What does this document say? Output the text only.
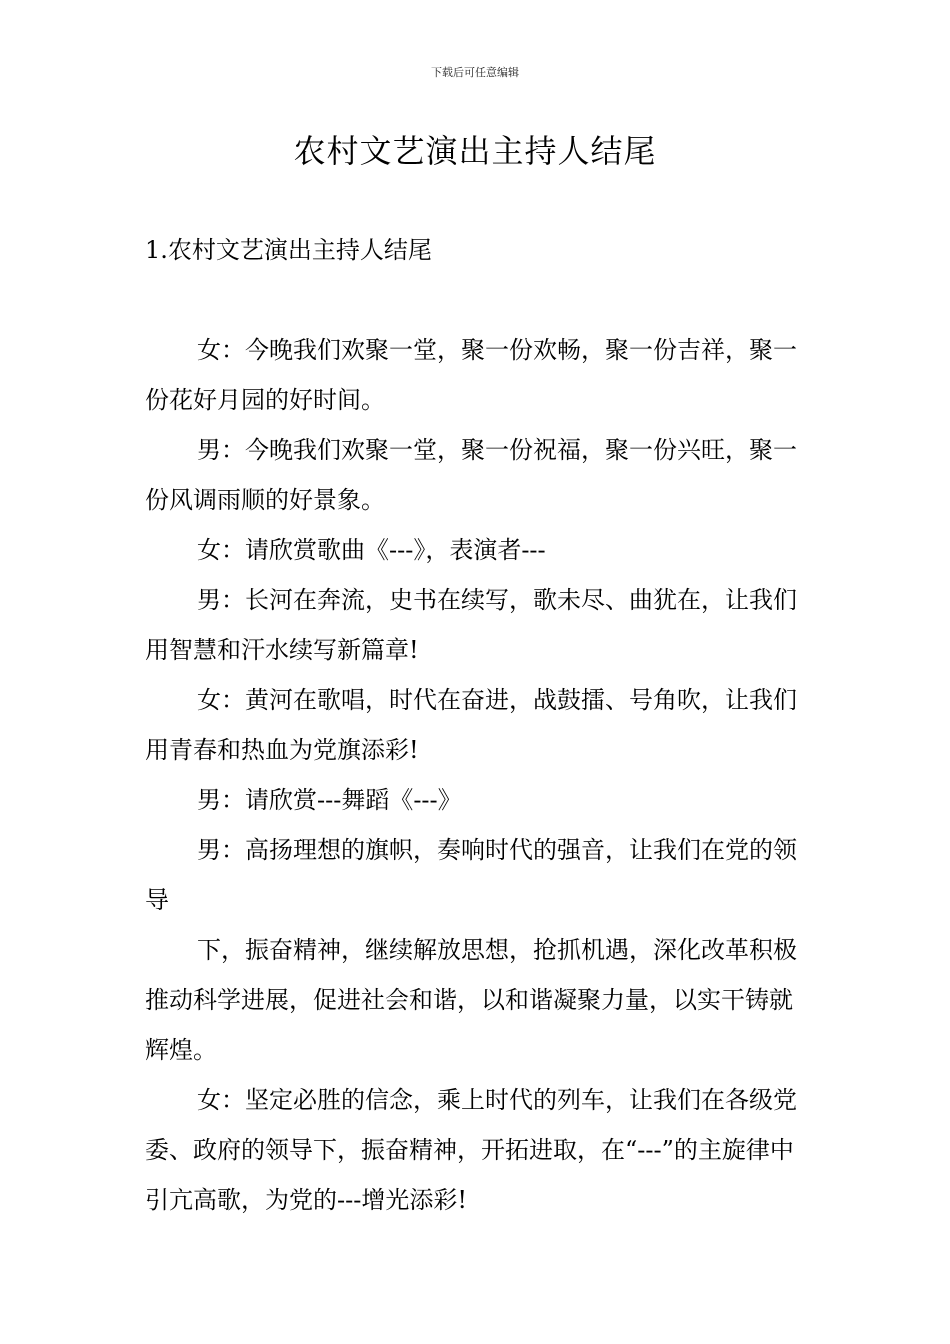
下载后可任意编辑
农村文艺演出主持人结尾
1.农村文艺演出主持人结尾

女：今晚我们欢聚一堂，聚一份欢畅，聚一份吉祥，聚一份花好月园的好时间。

男：今晚我们欢聚一堂，聚一份祝福，聚一份兴旺，聚一份风调雨顺的好景象。

女：请欣赏歌曲《---》，表演者---

男：长河在奔流，史书在续写，歌未尽、曲犹在，让我们用智慧和汗水续写新篇章!

女：黄河在歌唱，时代在奋进，战鼓擂、号角吹，让我们用青春和热血为党旗添彩!

男：请欣赏---舞蹈《---》

男：高扬理想的旗帜，奏响时代的强音，让我们在党的领导

下，振奋精神，继续解放思想，抢抓机遇，深化改革积极推动科学进展，促进社会和谐，以和谐凝聚力量，以实干铸就辉煌。

女：坚定必胜的信念，乘上时代的列车，让我们在各级党委、政府的领导下，振奋精神，开拓进取，在“---”的主旋律中引亢高歌，为党的---增光添彩!
